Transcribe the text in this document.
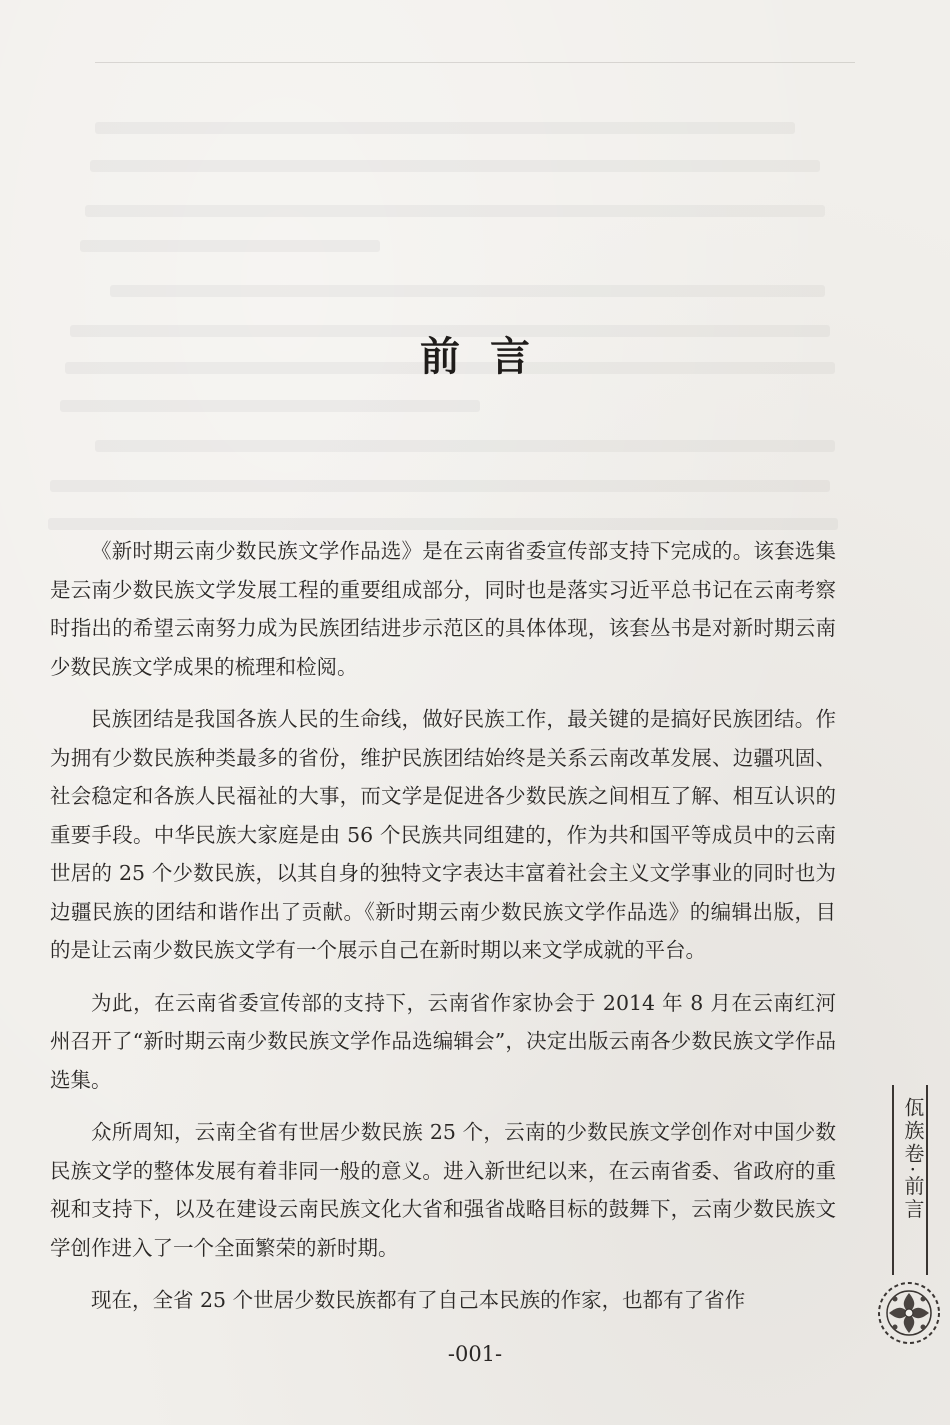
前言

《新时期云南少数民族文学作品选》是在云南省委宣传部支持下完成的。该套选集是云南少数民族文学发展工程的重要组成部分，同时也是落实习近平总书记在云南考察时指出的希望云南努力成为民族团结进步示范区的具体体现，该套丛书是对新时期云南少数民族文学成果的梳理和检阅。

民族团结是我国各族人民的生命线，做好民族工作，最关键的是搞好民族团结。作为拥有少数民族种类最多的省份，维护民族团结始终是关系云南改革发展、边疆巩固、社会稳定和各族人民福祉的大事，而文学是促进各少数民族之间相互了解、相互认识的重要手段。中华民族大家庭是由 56 个民族共同组建的，作为共和国平等成员中的云南世居的 25 个少数民族，以其自身的独特文字表达丰富着社会主义文学事业的同时也为边疆民族的团结和谐作出了贡献。《新时期云南少数民族文学作品选》的编辑出版，目的是让云南少数民族文学有一个展示自己在新时期以来文学成就的平台。

为此，在云南省委宣传部的支持下，云南省作家协会于 2014 年 8 月在云南红河州召开了“新时期云南少数民族文学作品选编辑会”，决定出版云南各少数民族文学作品选集。

众所周知，云南全省有世居少数民族 25 个，云南的少数民族文学创作对中国少数民族文学的整体发展有着非同一般的意义。进入新世纪以来，在云南省委、省政府的重视和支持下，以及在建设云南民族文化大省和强省战略目标的鼓舞下，云南少数民族文学创作进入了一个全面繁荣的新时期。

现在，全省 25 个世居少数民族都有了自己本民族的作家，也都有了省作

佤族卷·前言
-001-
